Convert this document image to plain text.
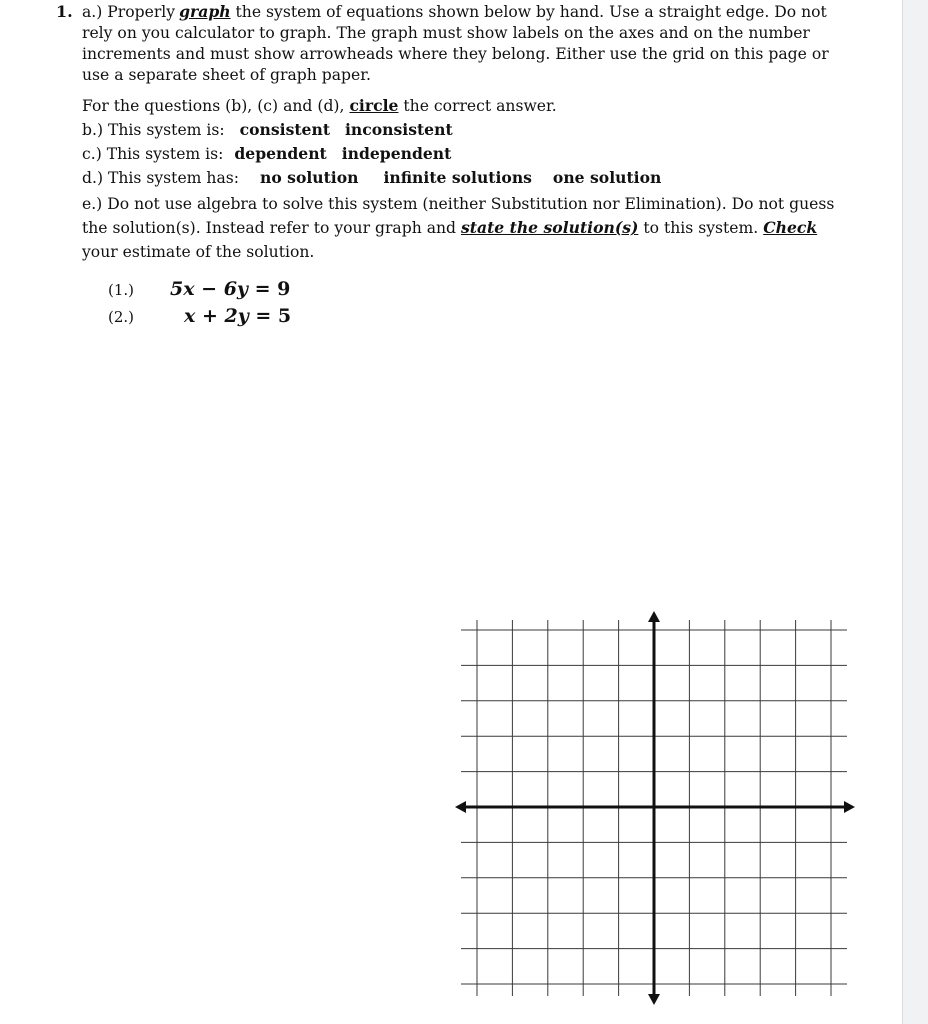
1. a.) Properly graph the system of equations shown below by hand. Use a straight edge. Do not rely on you calculator to graph. The graph must show labels on the axes and on the number increments and must show arrowheads where they belong. Either use the grid on this page or use a separate sheet of graph paper.
For the questions (b), (c) and (d), circle the correct answer.
b.) This system is: consistent inconsistent
c.) This system is: dependent independent
d.) This system has: no solution infinite solutions one solution
e.) Do not use algebra to solve this system (neither Substitution nor Elimination). Do not guess the solution(s). Instead refer to your graph and state the solution(s) to this system. Check your estimate of the solution.
(1.) 5x − 6y = 9
(2.)	x + 2y = 5
